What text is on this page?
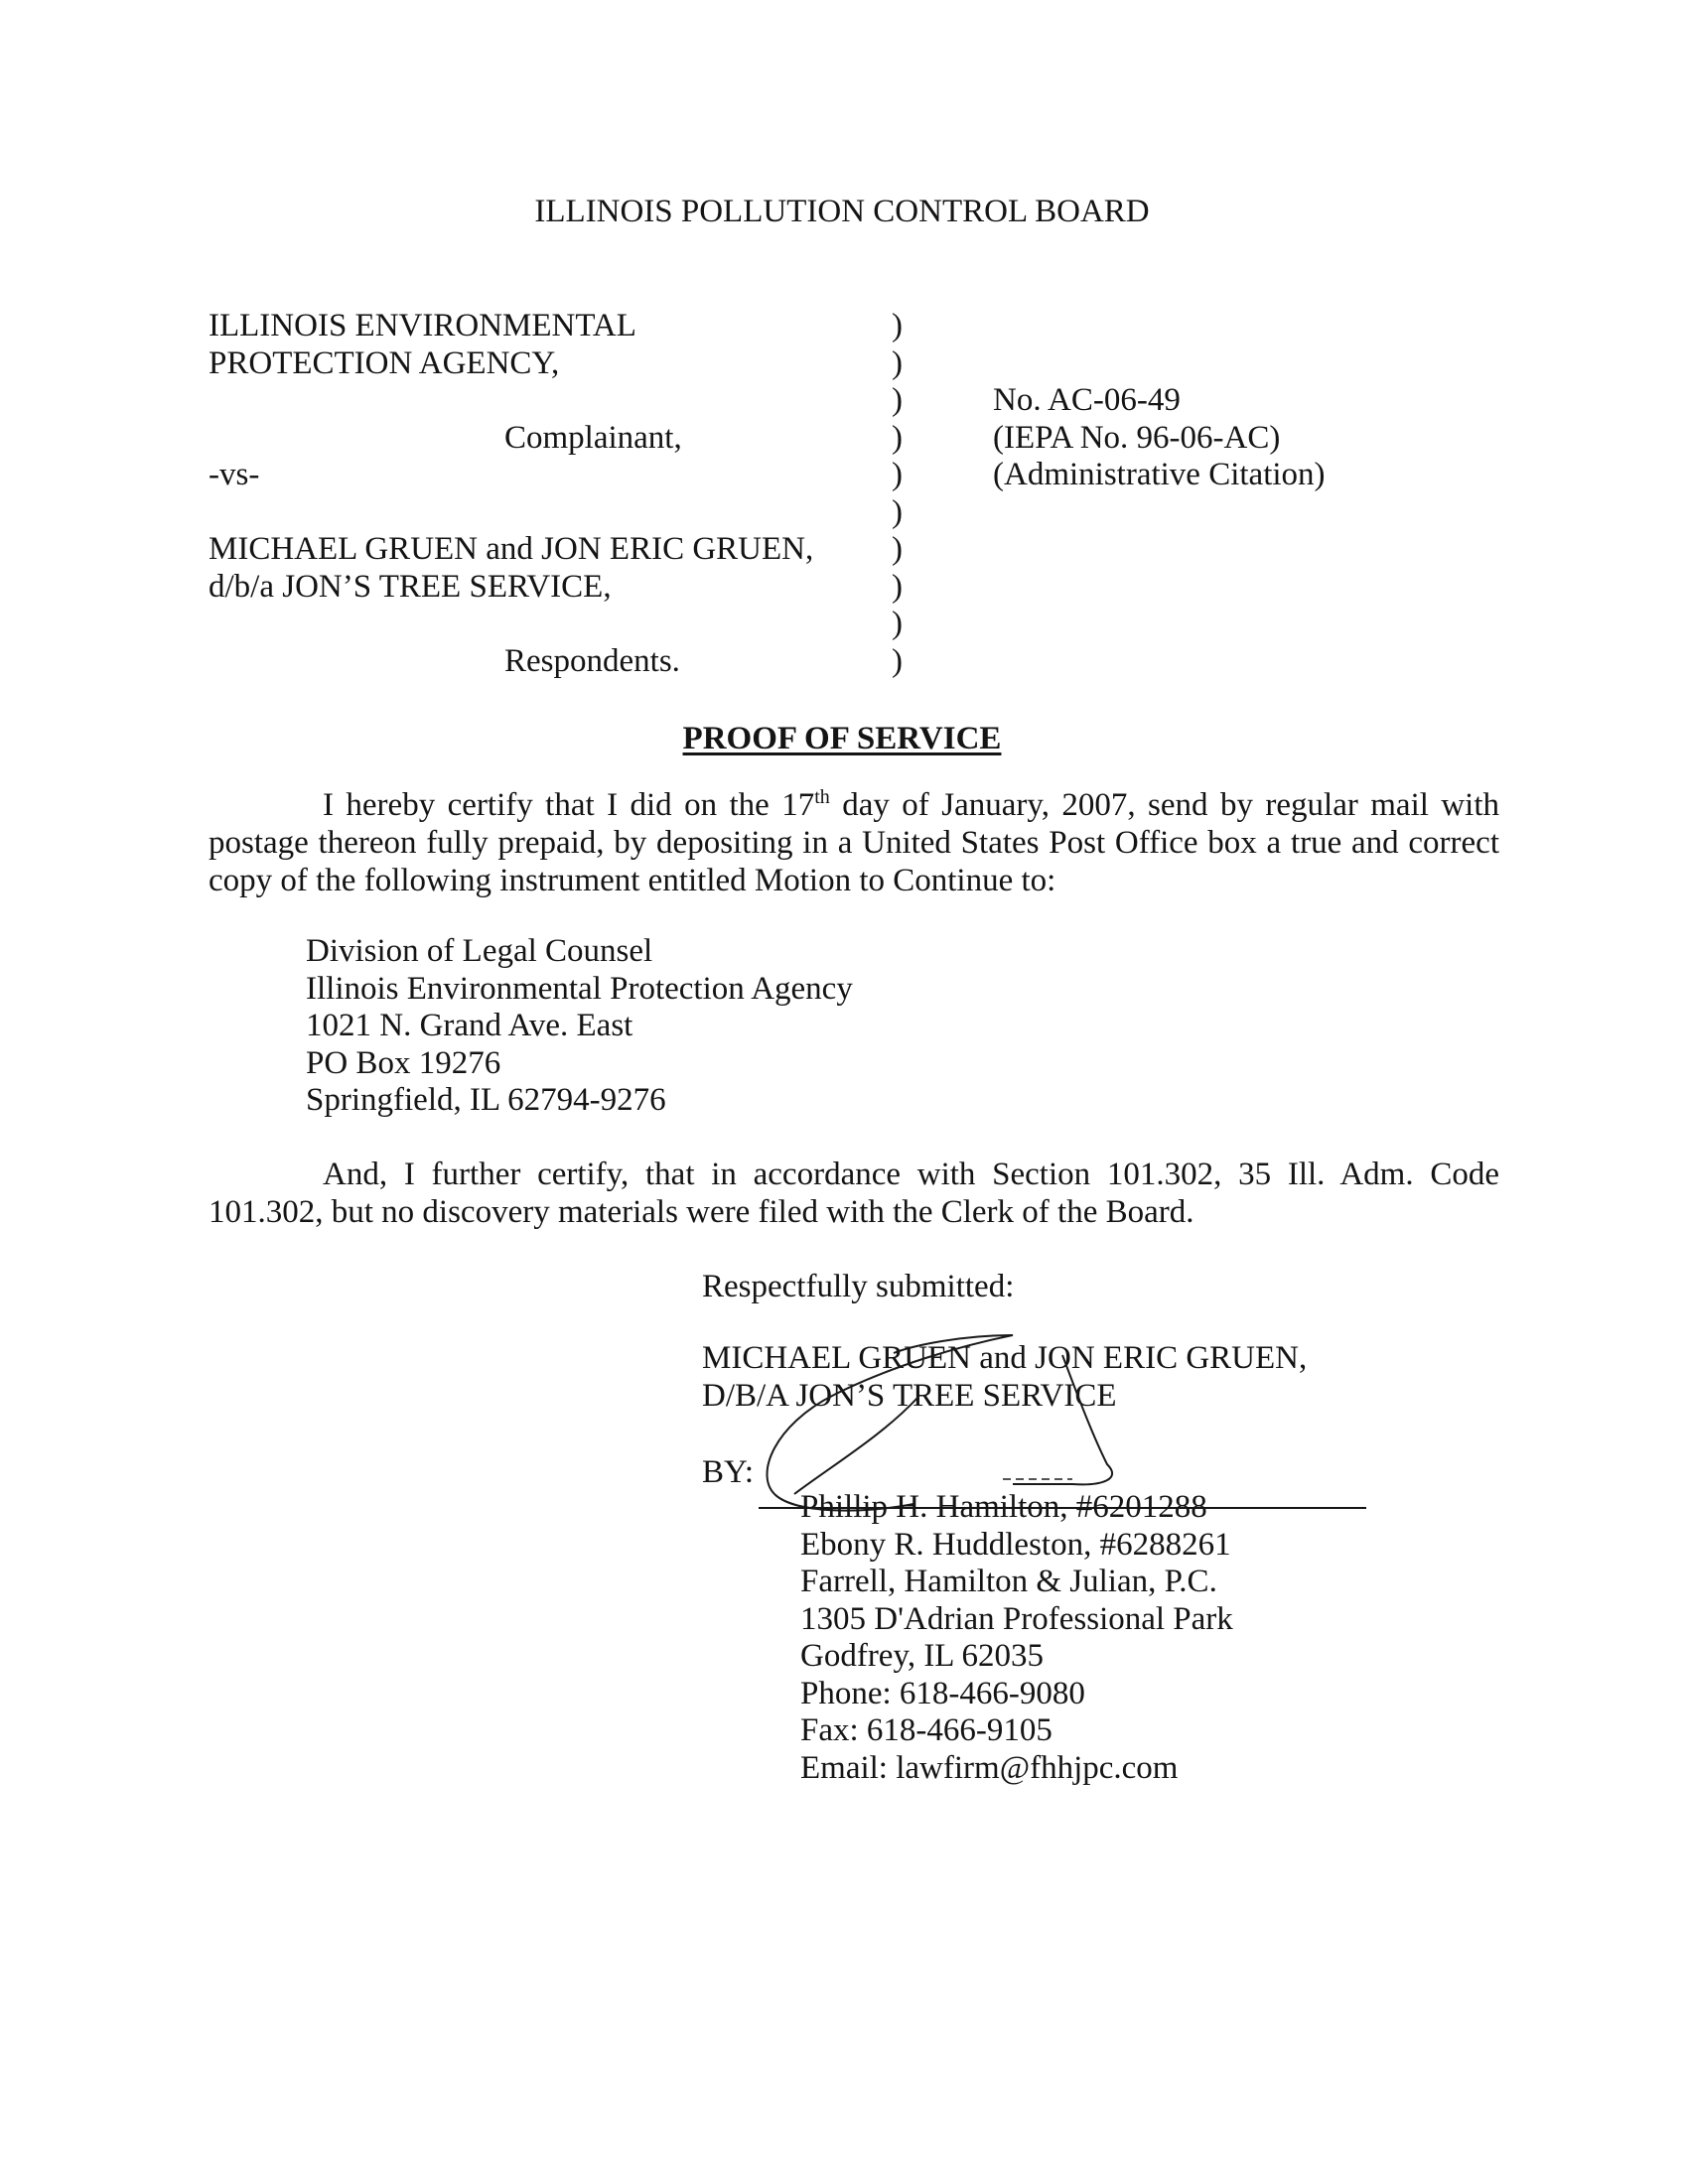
ILLINOIS POLLUTION CONTROL BOARD
ILLINOIS ENVIRONMENTAL
PROTECTION AGENCY,
Complainant,
-vs-
MICHAEL GRUEN and JON ERIC GRUEN,
d/b/a JON’S TREE SERVICE,
Respondents.
)
)
)
)
)
)
)
)
)
)
No. AC-06-49
(IEPA No. 96-06-AC)
(Administrative Citation)
PROOF OF SERVICE
I hereby certify that I did on the 17th day of January, 2007, send by regular mail with
postage thereon fully prepaid, by depositing in a United States Post Office box a true and correct
copy of the following instrument entitled Motion to Continue to:
Division of Legal Counsel
Illinois Environmental Protection Agency
1021 N. Grand Ave. East
PO Box 19276
Springfield, IL 62794-9276
And, I further certify, that in accordance with Section 101.302, 35 Ill. Adm. Code
101.302, but no discovery materials were filed with the Clerk of the Board.
Respectfully submitted:
MICHAEL GRUEN and JON ERIC GRUEN,
D/B/A JON’S TREE SERVICE
BY:
Phillip H. Hamilton, #6201288
Ebony R. Huddleston, #6288261
Farrell, Hamilton & Julian, P.C.
1305 D'Adrian Professional Park
Godfrey, IL 62035
Phone: 618-466-9080
Fax: 618-466-9105
Email: lawfirm@fhhjpc.com
